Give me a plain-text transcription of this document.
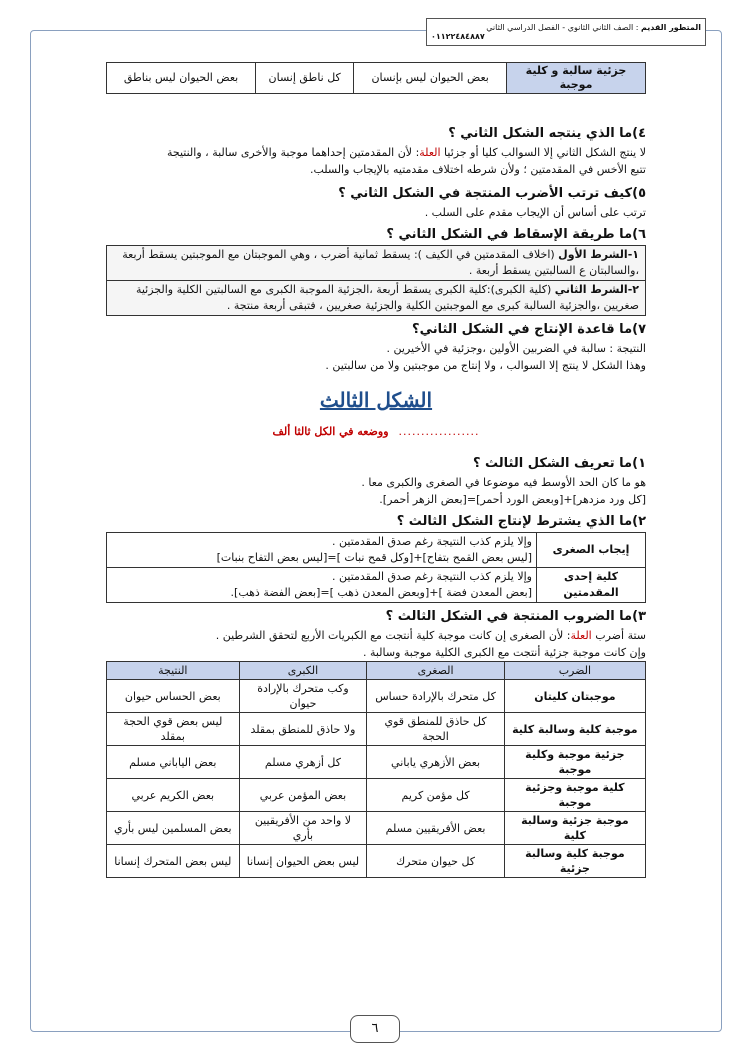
المتطور القديم : الصف الثاني الثانوي - الفصل الدراسي الثاني
٠١١٢٢٤٨٤٨٨٧
جزئية سالبة و كلية موجبة	بعض الحيوان ليس بإنسان	كل ناطق إنسان	بعض الحيوان ليس بناطق
٤)ما الذي ينتجه الشكل الثاني ؟

لا ينتج الشكل الثاني إلا السوالب كليا أو جزئيا العلة: لأن المقدمتين إحداهما موجبة والأخرى سالبة ، والنتيجة

تتبع الأخس في المقدمتين ؛ ولأن شرطه اختلاف مقدمتيه بالإيجاب والسلب.

٥)كيف ترتب الأضرب المنتجة في الشكل الثاني ؟

ترتب على أساس أن الإيجاب مقدم على السلب .

٦)ما طريقة الإسقاط في الشكل الثاني ؟
١-الشرط الأول (اخلاف المقدمتين في الكيف ): يسقط ثمانية أضرب ، وهي الموجبتان مع الموجبتين يسقط أربعة ،والسالبتان ع السالبتين يسقط أربعة .
٢-الشرط الثاني (كلية الكبرى):كلية الكبرى يسقط أربعة ،الجزئية الموجبة الكبرى مع السالبتين الكلية والجزئية صغريين ،والجزئية السالبة كبرى مع الموجبتين الكلية والجزئية صغريين ، فتبقى أربعة منتجة .
٧)ما قاعدة الإنتاج في الشكل الثاني؟

النتيجة : سالبة في الضربين الأولين ،وجزئية في الأخيرين .

وهذا الشكل لا ينتج إلا السوالب ، ولا إنتاج من موجبتين ولا من سالبتين .

الشكل الثالث
..................
ووضعه في الكل ثالثا ألف
١)ما تعريف الشكل الثالث ؟

هو ما كان الحد الأوسط فيه موضوعا في الصغرى والكبرى معا .

[كل ورد مزدهر]+[وبعض الورد أحمر]=[بعض الزهر أحمر].

٢)ما الذي يشترط لإنتاج الشكل الثالث ؟
إيجاب الصغرى	وإلا يلزم كذب النتيجة رغم صدق المقدمتين .
[ليس بعض القمح بتفاح]+[وكل قمح نبات ]=[ليس بعض التفاح بنبات]

كلية إحدى المقدمتين	وإلا يلزم كذب النتيجة رغم صدق المقدمتين .
[بعض المعدن فضة ]+[وبعض المعدن ذهب ]=[بعض الفضة ذهب].
٣)ما الضروب المنتجة في الشكل الثالث ؟

ستة أضرب العلة: لأن الصغرى إن كانت موجبة كلية أنتجت مع الكبريات الأربع لتحقق الشرطين .

وإن كانت موجبة جزئية أنتجت مع الكبرى الكلية موجبة وسالبة .

الضرب	الصغرى	الكبرى	النتيجة
موجبتان كليتان	كل متحرك بالإرادة حساس	وكب متحرك بالإرادة حيوان	بعض الحساس حيوان
موجبة كلية وسالبة كلية	كل حاذق للمنطق قوي الحجة	ولا حاذق للمنطق بمقلد	ليس بعض قوي الحجة بمقلد
جزئية موجبة وكلية موجبة	بعض الأزهري ياباني	كل أزهري مسلم	بعض الياباني مسلم
كلية موجبة وجزئية موجبة	كل مؤمن كريم	بعض المؤمن عربي	بعض الكريم عربي
موجبة جزئية وسالبة كلية	بعض الأفريقيين مسلم	لا واحد من الأفريقيين بأري	بعض المسلمين ليس بأري
موجبة كلية وسالبة جزئية	كل حيوان متحرك	ليس بعض الحيوان إنسانا	ليس بعض المتحرك إنسانا
٦
